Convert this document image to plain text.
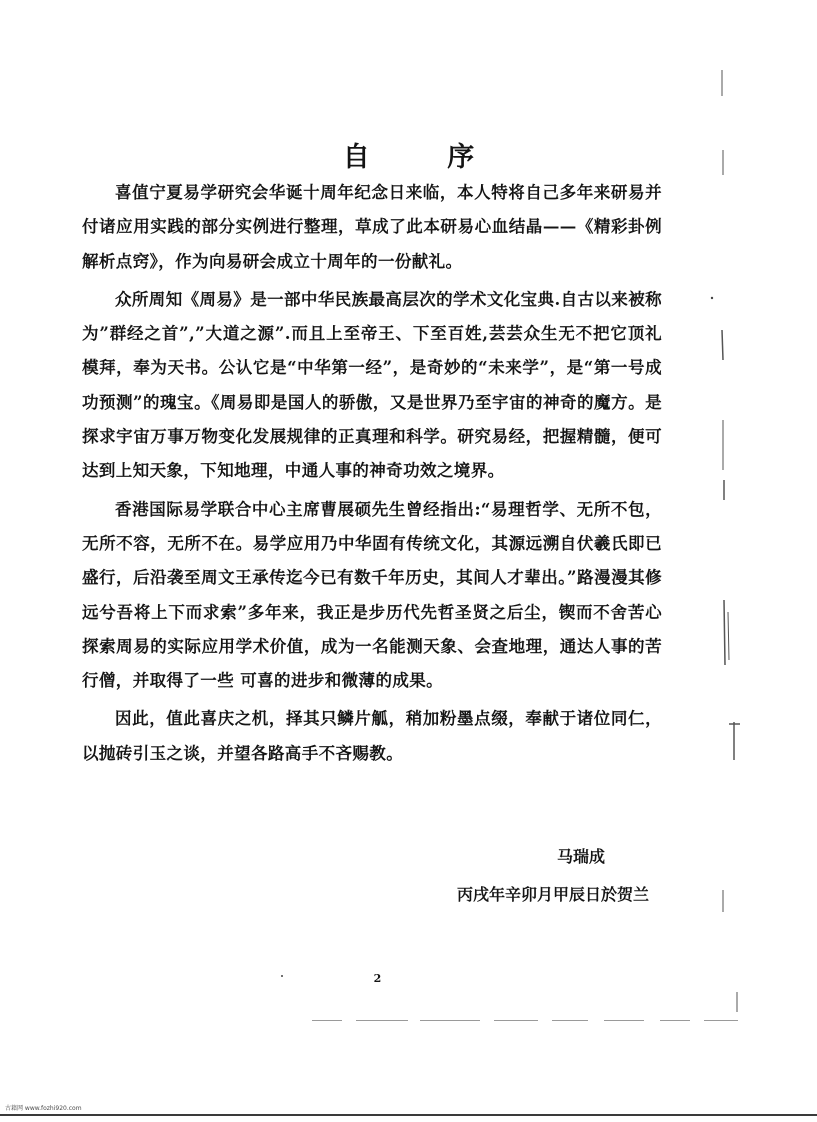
自 序

喜值宁夏易学研究会华诞十周年纪念日来临，本人特将自己多年来研易并付诸应用实践的部分实例进行整理，草成了此本研易心血结晶——《精彩卦例解析点窍》，作为向易研会成立十周年的一份献礼。

众所周知《周易》是一部中华民族最高层次的学术文化宝典.自古以来被称为”群经之首”,”大道之源”.而且上至帝王、下至百姓,芸芸众生无不把它顶礼模拜，奉为天书。公认它是“中华第一经”，是奇妙的“未来学”，是“第一号成功预测”的瑰宝。《周易即是国人的骄傲，又是世界乃至宇宙的神奇的魔方。是探求宇宙万事万物变化发展规律的正真理和科学。研究易经，把握精髓，便可达到上知天象，下知地理，中通人事的神奇功效之境界。

香港国际易学联合中心主席曹展硕先生曾经指出:“易理哲学、无所不包，无所不容，无所不在。易学应用乃中华固有传统文化，其源远溯自伏羲氏即已盛行，后沿袭至周文王承传迄今已有数千年历史，其间人才辈出。”路漫漫其修远兮吾将上下而求索”多年来，我正是步历代先哲圣贤之后尘，锲而不舍苦心探索周易的实际应用学术价值，成为一名能测天象、会查地理，通达人事的苦行僧，并取得了一些 可喜的进步和微薄的成果。

因此，值此喜庆之机，择其只鳞片觚，稍加粉墨点缀，奉献于诸位同仁，以抛砖引玉之谈，并望各路高手不吝赐教。

马瑞成
丙戌年辛卯月甲辰日於贺兰
2
古籍网 www.fozhi920.com
